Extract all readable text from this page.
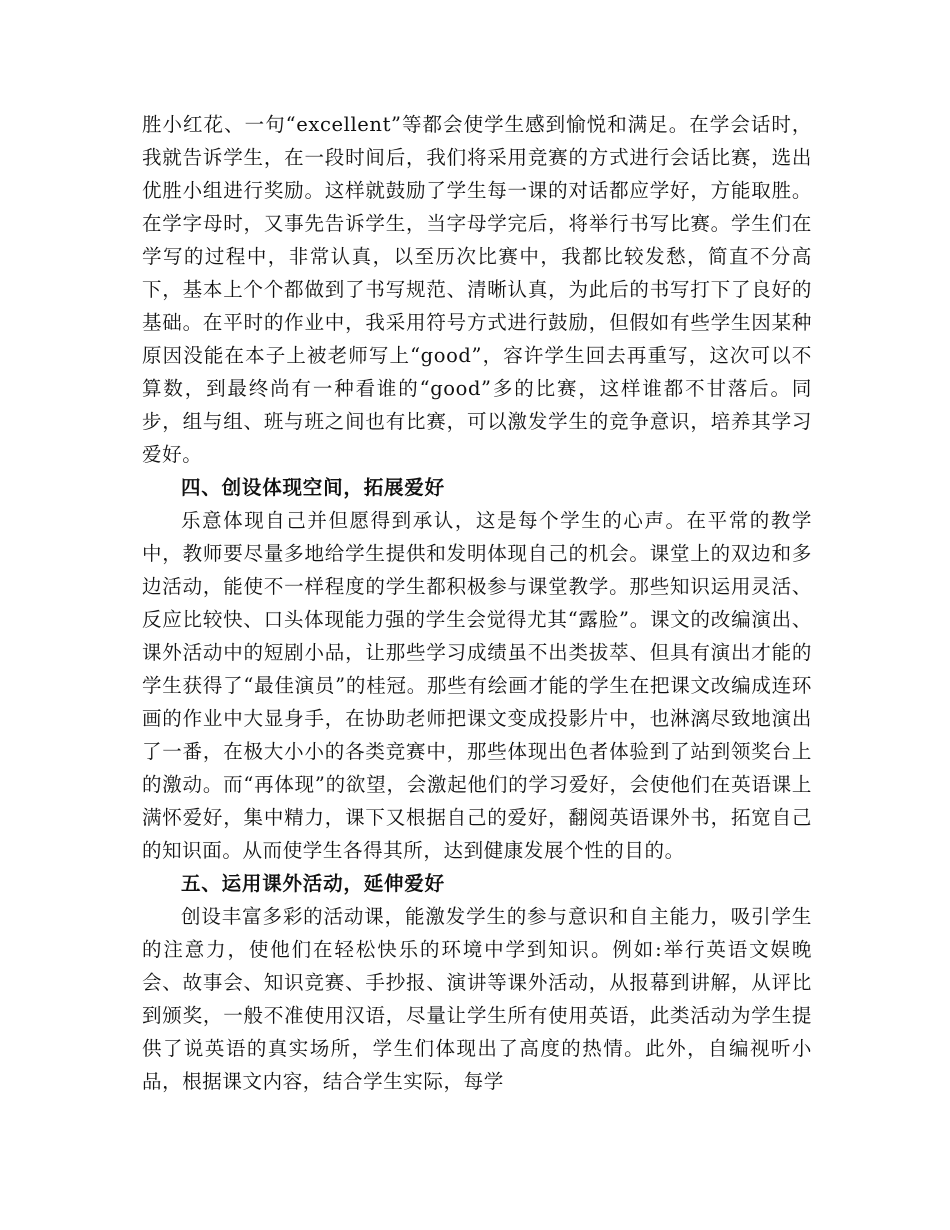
胜小红花、一句“excellent”等都会使学生感到愉悦和满足。在学会话时，我就告诉学生，在一段时间后，我们将采用竞赛的方式进行会话比赛，选出优胜小组进行奖励。这样就鼓励了学生每一课的对话都应学好，方能取胜。在学字母时，又事先告诉学生，当字母学完后，将举行书写比赛。学生们在学写的过程中，非常认真，以至历次比赛中，我都比较发愁，简直不分高下，基本上个个都做到了书写规范、清晰认真，为此后的书写打下了良好的基础。在平时的作业中，我采用符号方式进行鼓励，但假如有些学生因某种原因没能在本子上被老师写上“good”，容许学生回去再重写，这次可以不算数，到最终尚有一种看谁的“good”多的比赛，这样谁都不甘落后。同步，组与组、班与班之间也有比赛，可以激发学生的竞争意识，培养其学习爱好。

四、创设体现空间，拓展爱好

乐意体现自己并但愿得到承认，这是每个学生的心声。在平常的教学中，教师要尽量多地给学生提供和发明体现自己的机会。课堂上的双边和多边活动，能使不一样程度的学生都积极参与课堂教学。那些知识运用灵活、反应比较快、口头体现能力强的学生会觉得尤其“露脸”。课文的改编演出、课外活动中的短剧小品，让那些学习成绩虽不出类拔萃、但具有演出才能的学生获得了“最佳演员”的桂冠。那些有绘画才能的学生在把课文改编成连环画的作业中大显身手，在协助老师把课文变成投影片中，也淋漓尽致地演出了一番，在极大小小的各类竞赛中，那些体现出色者体验到了站到领奖台上的激动。而“再体现”的欲望，会激起他们的学习爱好，会使他们在英语课上满怀爱好，集中精力，课下又根据自己的爱好，翻阅英语课外书，拓宽自己的知识面。从而使学生各得其所，达到健康发展个性的目的。

五、运用课外活动，延伸爱好

创设丰富多彩的活动课，能激发学生的参与意识和自主能力，吸引学生的注意力，使他们在轻松快乐的环境中学到知识。例如:举行英语文娱晚会、故事会、知识竞赛、手抄报、演讲等课外活动，从报幕到讲解，从评比到颁奖，一般不准使用汉语，尽量让学生所有使用英语，此类活动为学生提供了说英语的真实场所，学生们体现出了高度的热情。此外，自编视听小品，根据课文内容，结合学生实际，每学
